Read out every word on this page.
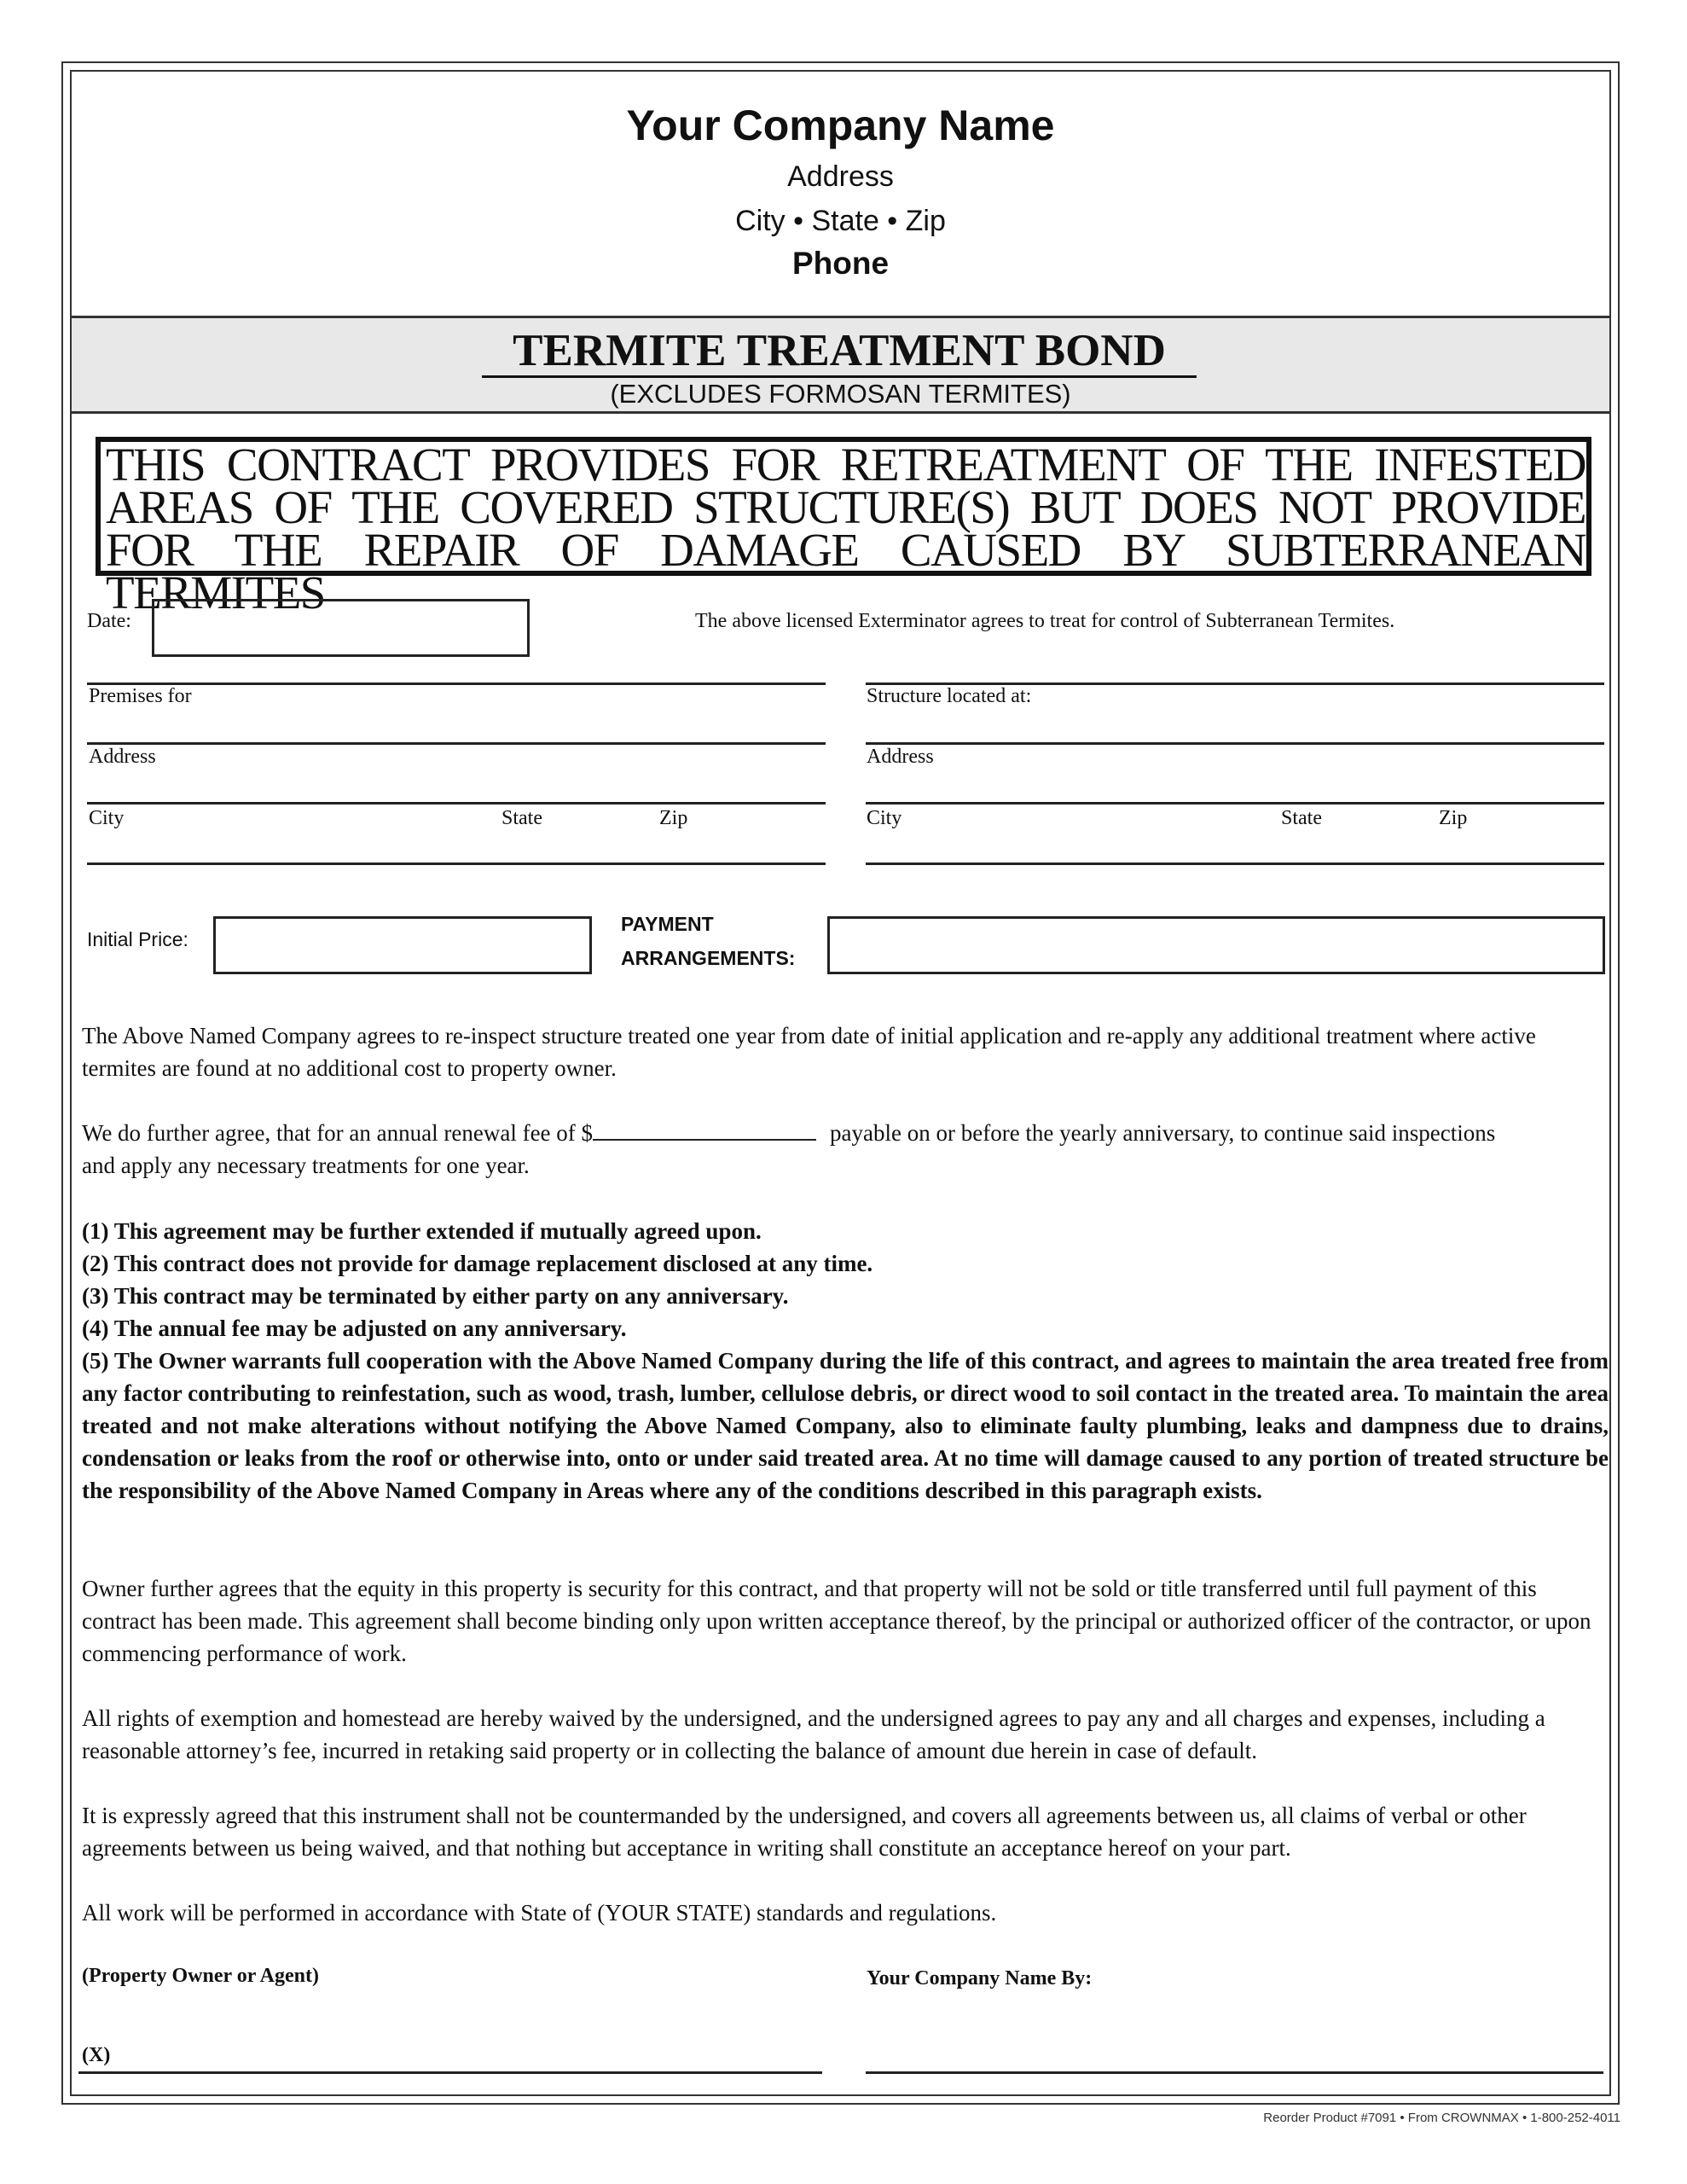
Your Company Name
Address
City • State • Zip
Phone
TERMITE TREATMENT BOND
(EXCLUDES FORMOSAN TERMITES)
THIS CONTRACT PROVIDES FOR RETREATMENT OF THE INFESTED AREAS OF THE COVERED STRUCTURE(S) BUT DOES NOT PROVIDE FOR THE REPAIR OF DAMAGE CAUSED BY SUBTERRANEAN TERMITES
Date:	The above licensed Exterminator agrees to treat for control of Subterranean Termites.
Premises for
Address
City	State	Zip
Structure located at:
Address
City	State	Zip
Initial Price:
PAYMENT
ARRANGEMENTS:
The Above Named Company agrees to re-inspect structure treated one year from date of initial application and re-apply any additional treatment where active termites are found at no additional cost to property owner.
We do further agree, that for an annual renewal fee of $	payable on or before the yearly anniversary, to continue said inspections
and apply any necessary treatments for one year.
(1) This agreement may be further extended if mutually agreed upon.
(2) This contract does not provide for damage replacement disclosed at any time.
(3) This contract may be terminated by either party on any anniversary.
(4) The annual fee may be adjusted on any anniversary.
(5) The Owner warrants full cooperation with the Above Named Company during the life of this contract, and agrees to maintain the area treated free from any factor contributing to reinfestation, such as wood, trash, lumber, cellulose debris, or direct wood to soil contact in the treated area. To maintain the area treated and not make alterations without notifying the Above Named Company, also to eliminate faulty plumbing, leaks and dampness due to drains, condensation or leaks from the roof or otherwise into, onto or under said treated area. At no time will damage caused to any portion of treated structure be the responsibility of the Above Named Company in Areas where any of the conditions described in this paragraph exists.
Owner further agrees that the equity in this property is security for this contract, and that property will not be sold or title transferred until full payment of this contract has been made. This agreement shall become binding only upon written acceptance thereof, by the principal or authorized officer of the contractor, or upon commencing performance of work.
All rights of exemption and homestead are hereby waived by the undersigned, and the undersigned agrees to pay any and all charges and expenses, including a reasonable attorney’s fee, incurred in retaking said property or in collecting the balance of amount due herein in case of default.
It is expressly agreed that this instrument shall not be countermanded by the undersigned, and covers all agreements between us, all claims of verbal or other agreements between us being waived, and that nothing but acceptance in writing shall constitute an acceptance hereof on your part.
All work will be performed in accordance with State of (YOUR STATE) standards and regulations.
(Property Owner or Agent)	Your Company Name By:
(X)
Reorder Product #7091 • From CROWNMAX • 1-800-252-4011
